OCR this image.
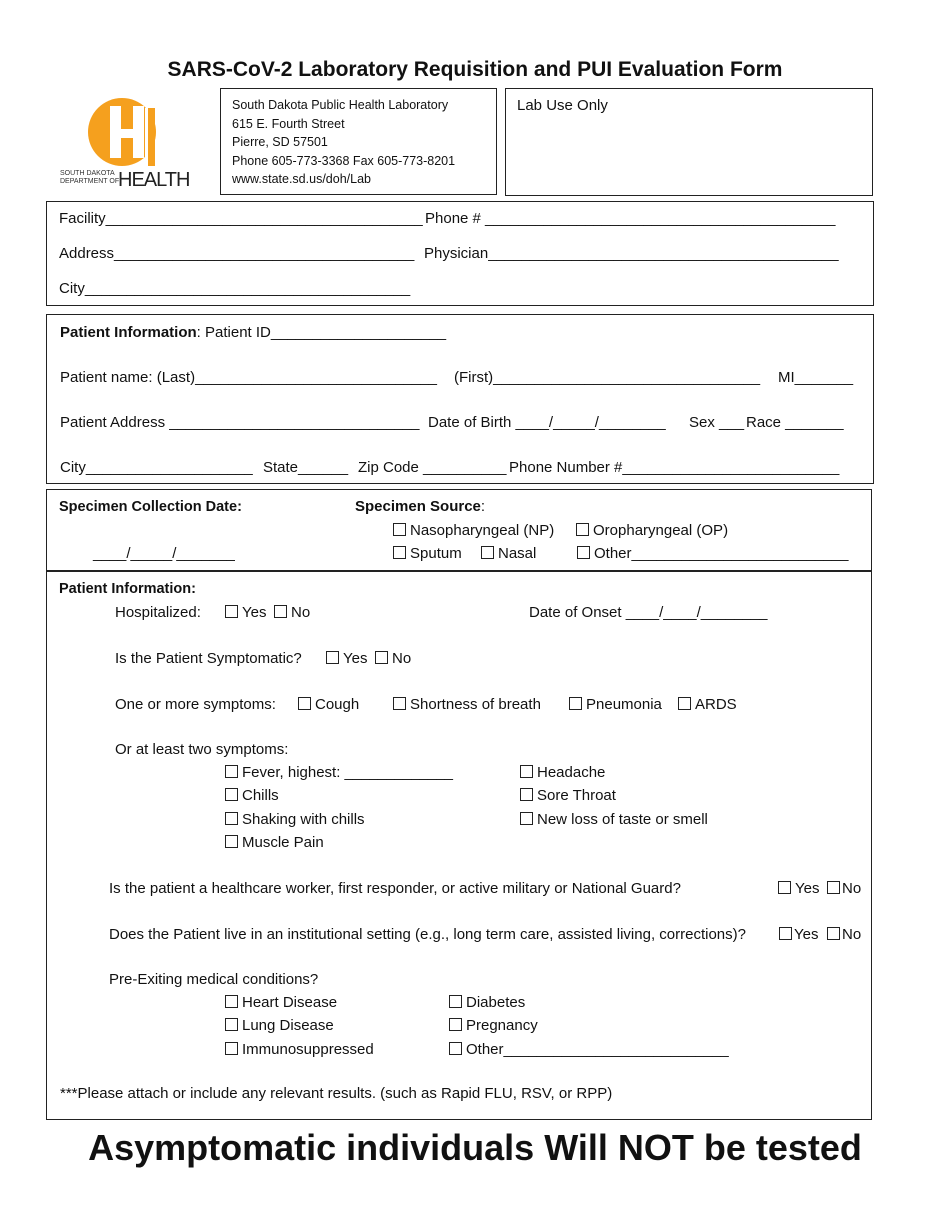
SARS-CoV-2 Laboratory Requisition and PUI Evaluation Form
SOUTH DAKOTA
DEPARTMENT OF
HEALTH
South Dakota Public Health Laboratory
615 E. Fourth Street
Pierre, SD 57501
Phone 605-773-3368 Fax 605-773-8201
www.state.sd.us/doh/Lab
Lab Use Only
Facility______________________________________ Phone # __________________________________________
Address____________________________________ Physician__________________________________________
City_______________________________________
Patient Information: Patient ID_____________________
Patient name: (Last)_____________________________ (First)________________________________ MI_______
Patient Address ______________________________ Date of Birth ____/_____/________ Sex ___ Race _______
City____________________ State______ Zip Code __________ Phone Number #__________________________
Specimen Collection Date:
____/_____/_______
Specimen Source:
Nasopharyngeal (NP)	Oropharyngeal (OP)
Sputum	Nasal	Other__________________________
Patient Information:
Hospitalized:	Yes	No	Date of Onset ____/____/________
Is the Patient Symptomatic?	Yes	No
One or more symptoms:	Cough	Shortness of breath	Pneumonia	ARDS
Or at least two symptoms:
Fever, highest: _____________
Chills
Shaking with chills
Muscle Pain
Headache
Sore Throat
New loss of taste or smell
Is the patient a healthcare worker, first responder, or active military or National Guard?	Yes	No
Does the Patient live in an institutional setting (e.g., long term care, assisted living, corrections)?	Yes	No
Pre-Exiting medical conditions?
Heart Disease
Lung Disease
Immunosuppressed
Diabetes
Pregnancy
Other___________________________
***Please attach or include any relevant results. (such as Rapid FLU, RSV, or RPP)
Asymptomatic individuals Will NOT be tested
